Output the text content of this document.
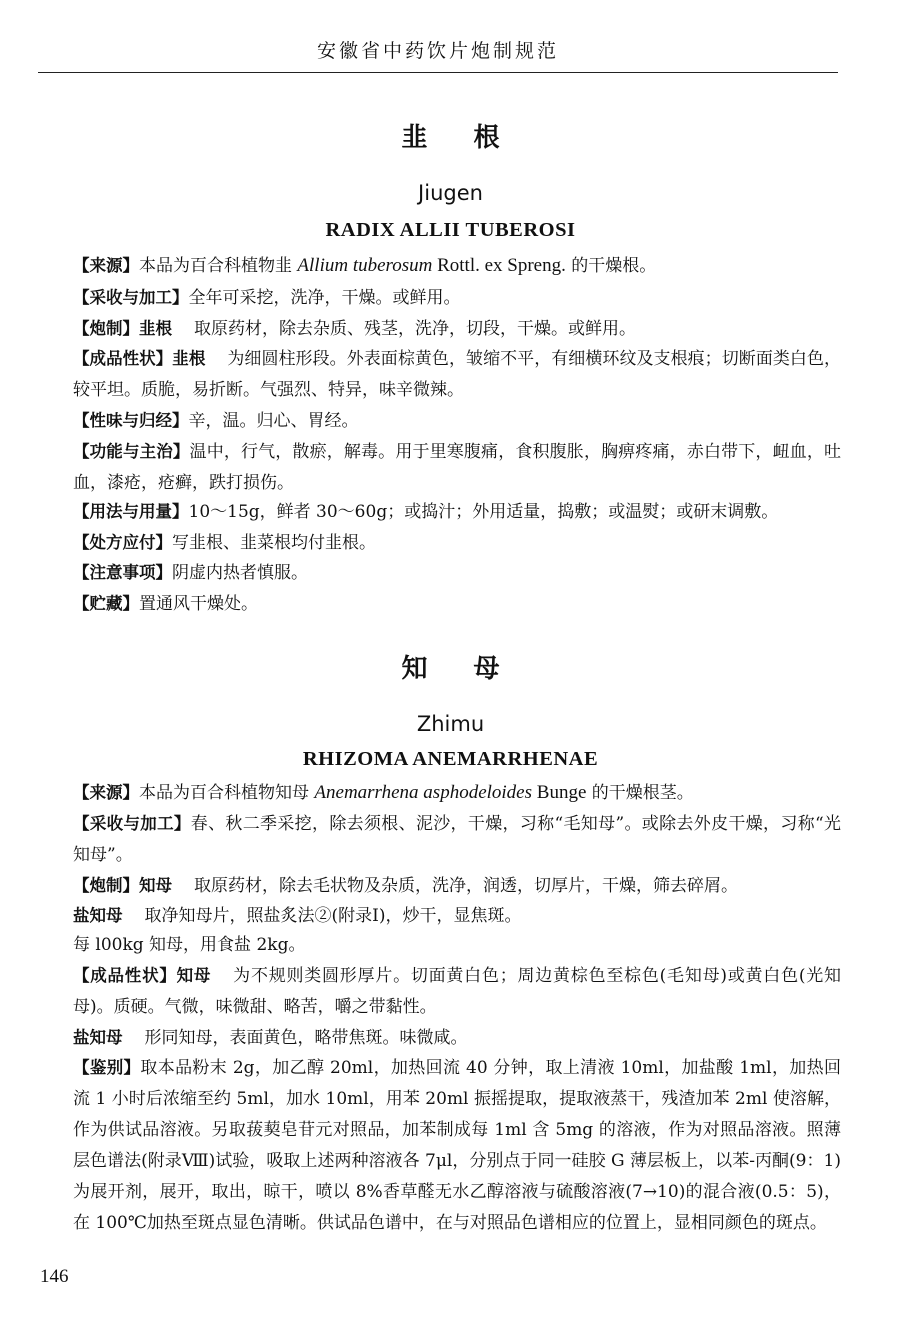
安徽省中药饮片炮制规范
韭根
Jiugen
RADIX ALLII TUBEROSI
【来源】本品为百合科植物韭 Allium tuberosum Rottl. ex Spreng. 的干燥根。
【采收与加工】全年可采挖，洗净，干燥。或鲜用。
【炮制】韭根 取原药材，除去杂质、残茎，洗净，切段，干燥。或鲜用。
【成品性状】韭根 为细圆柱形段。外表面棕黄色，皱缩不平，有细横环纹及支根痕；切断面类白色，较平坦。质脆，易折断。气强烈、特异，味辛微辣。
【性味与归经】辛，温。归心、胃经。
【功能与主治】温中，行气，散瘀，解毒。用于里寒腹痛，食积腹胀，胸痹疼痛，赤白带下，衄血，吐血，漆疮，疮癣，跌打损伤。
【用法与用量】10～15g，鲜者 30～60g；或捣汁；外用适量，捣敷；或温熨；或研末调敷。
【处方应付】写韭根、韭菜根均付韭根。
【注意事项】阴虚内热者慎服。
【贮藏】置通风干燥处。
知母
Zhimu
RHIZOMA ANEMARRHENAE
【来源】本品为百合科植物知母 Anemarrhena asphodeloides Bunge 的干燥根茎。
【采收与加工】春、秋二季采挖，除去须根、泥沙，干燥，习称“毛知母”。或除去外皮干燥，习称“光知母”。
【炮制】知母 取原药材，除去毛状物及杂质，洗净，润透，切厚片，干燥，筛去碎屑。
盐知母 取净知母片，照盐炙法②(附录Ⅰ)，炒干，显焦斑。
每 l00kg 知母，用食盐 2kg。
【成品性状】知母 为不规则类圆形厚片。切面黄白色；周边黄棕色至棕色(毛知母)或黄白色(光知母)。质硬。气微，味微甜、略苦，嚼之带黏性。
盐知母 形同知母，表面黄色，略带焦斑。味微咸。
【鉴别】取本品粉末 2g，加乙醇 20ml，加热回流 40 分钟，取上清液 10ml，加盐酸 1ml，加热回流 1 小时后浓缩至约 5ml，加水 10ml，用苯 20ml 振摇提取，提取液蒸干，残渣加苯 2ml 使溶解，作为供试品溶液。另取菝葜皂苷元对照品，加苯制成每 1ml 含 5mg 的溶液，作为对照品溶液。照薄层色谱法(附录Ⅷ)试验，吸取上述两种溶液各 7μl，分别点于同一硅胶 G 薄层板上，以苯-丙酮(9：1)为展开剂，展开，取出，晾干，喷以 8%香草醛无水乙醇溶液与硫酸溶液(7→10)的混合液(0.5：5)，在 100℃加热至斑点显色清晰。供试品色谱中，在与对照品色谱相应的位置上，显相同颜色的斑点。
146
